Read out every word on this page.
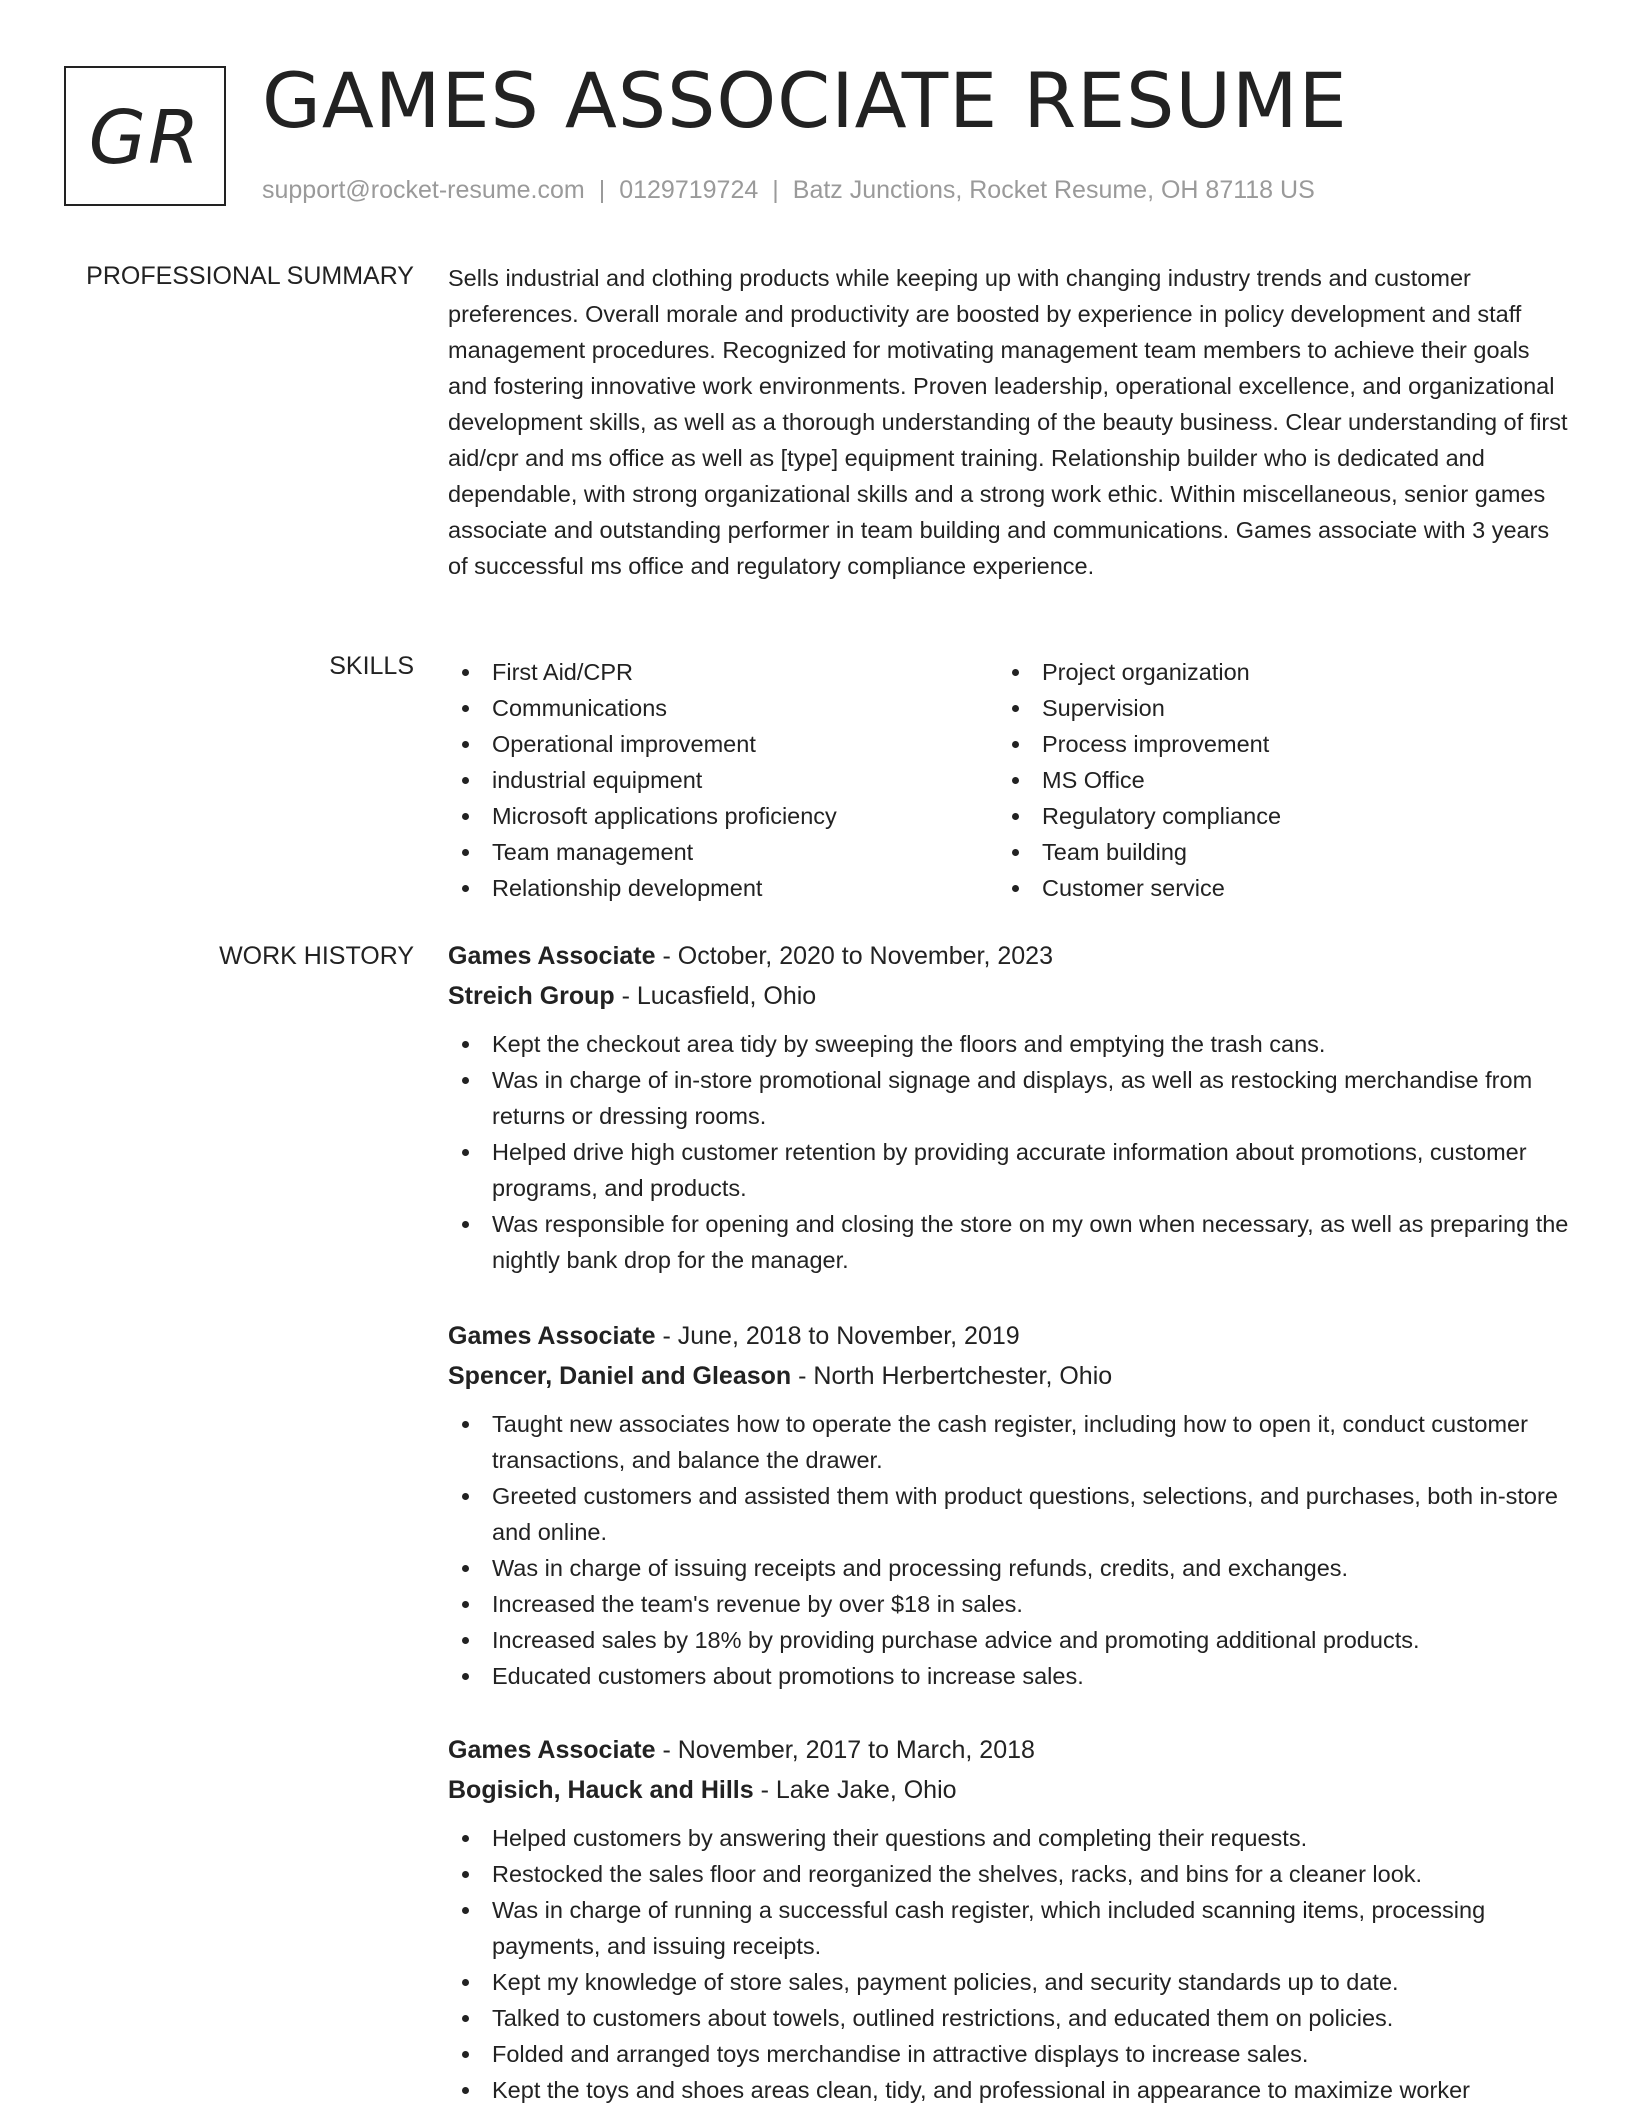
GR GAMES ASSOCIATE RESUME
support@rocket-resume.com | 0129719724 | Batz Junctions, Rocket Resume, OH 87118 US
PROFESSIONAL SUMMARY Sells industrial and clothing products while keeping up with changing industry trends and customer preferences. Overall morale and productivity are boosted by experience in policy development and staff management procedures. Recognized for motivating management team members to achieve their goals and fostering innovative work environments. Proven leadership, operational excellence, and organizational development skills, as well as a thorough understanding of the beauty business. Clear understanding of first aid/cpr and ms office as well as [type] equipment training. Relationship builder who is dedicated and dependable, with strong organizational skills and a strong work ethic. Within miscellaneous, senior games associate and outstanding performer in team building and communications. Games associate with 3 years of successful ms office and regulatory compliance experience.

SKILLS	First Aid/CPR
Communications
Operational improvement
industrial equipment
Microsoft applications proficiency
Team management
Relationship development
Project organization
Supervision
Process improvement
MS Office
Regulatory compliance
Team building
Customer service
WORK HISTORY Games Associate - October, 2020 to November, 2023
Streich Group - Lucasfield, Ohio
Kept the checkout area tidy by sweeping the floors and emptying the trash cans.
Was in charge of in-store promotional signage and displays, as well as restocking merchandise from returns or dressing rooms.
Helped drive high customer retention by providing accurate information about promotions, customer programs, and products.
Was responsible for opening and closing the store on my own when necessary, as well as preparing the nightly bank drop for the manager.
Games Associate - June, 2018 to November, 2019
Spencer, Daniel and Gleason - North Herbertchester, Ohio
Taught new associates how to operate the cash register, including how to open it, conduct customer transactions, and balance the drawer.
Greeted customers and assisted them with product questions, selections, and purchases, both in-store and online.
Was in charge of issuing receipts and processing refunds, credits, and exchanges.
Increased the team's revenue by over $18 in sales.
Increased sales by 18% by providing purchase advice and promoting additional products.
Educated customers about promotions to increase sales.
Games Associate - November, 2017 to March, 2018
Bogisich, Hauck and Hills - Lake Jake, Ohio
Helped customers by answering their questions and completing their requests.
Restocked the sales floor and reorganized the shelves, racks, and bins for a cleaner look.
Was in charge of running a successful cash register, which included scanning items, processing payments, and issuing receipts.
Kept my knowledge of store sales, payment policies, and security standards up to date.
Talked to customers about towels, outlined restrictions, and educated them on policies.
Folded and arranged toys merchandise in attractive displays to increase sales.
Kept the toys and shoes areas clean, tidy, and professional in appearance to maximize worker
